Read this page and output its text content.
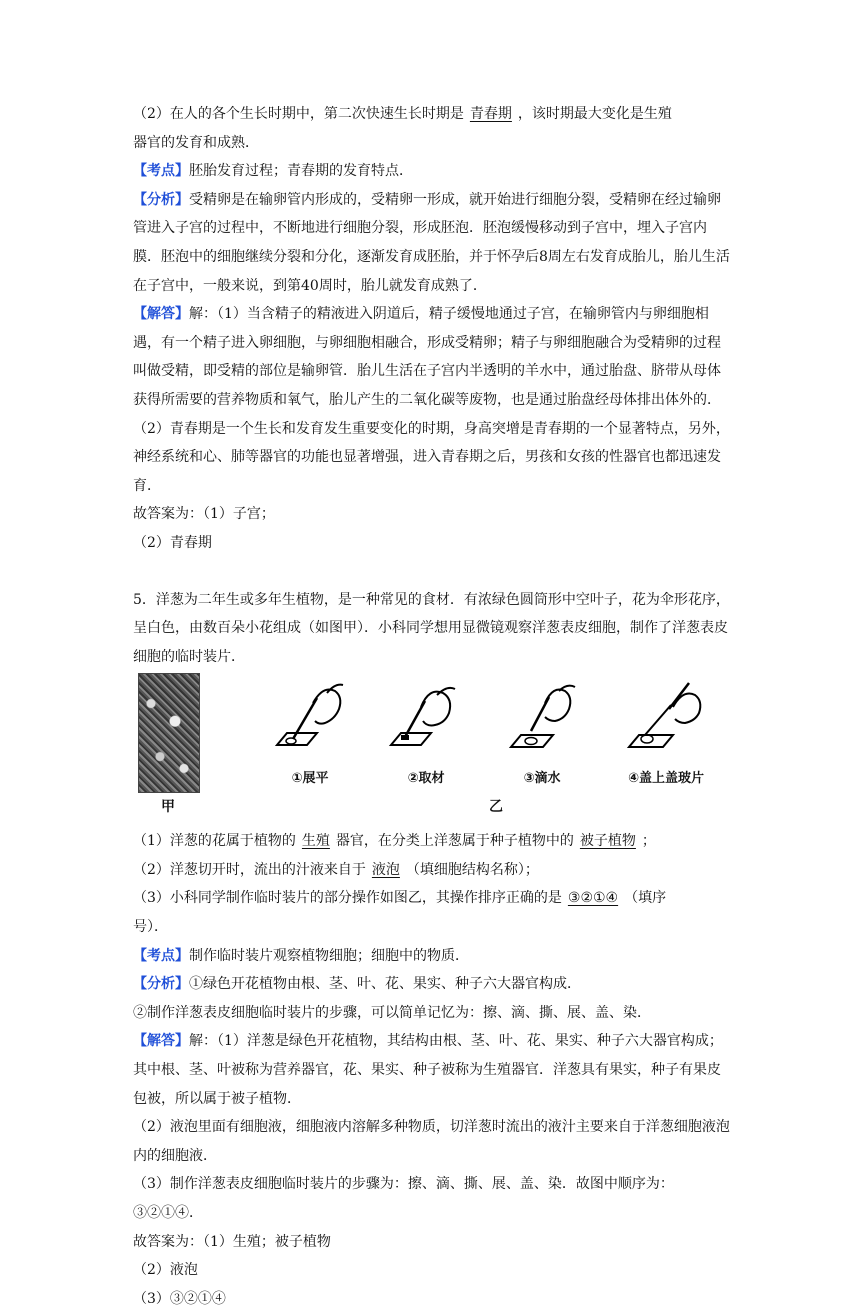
（2）在人的各个生长时期中，第二次快速生长时期是 青春期 ，该时期最大变化是生殖
器官的发育和成熟．
【考点】胚胎发育过程；青春期的发育特点．
【分析】受精卵是在输卵管内形成的，受精卵一形成，就开始进行细胞分裂，受精卵在经过输卵管进入子宫的过程中，不断地进行细胞分裂，形成胚泡．胚泡缓慢移动到子宫中，埋入子宫内膜．胚泡中的细胞继续分裂和分化，逐渐发育成胚胎，并于怀孕后8周左右发育成胎儿，胎儿生活在子宫中，一般来说，到第40周时，胎儿就发育成熟了．
【解答】解：（1）当含精子的精液进入阴道后，精子缓慢地通过子宫，在输卵管内与卵细胞相遇，有一个精子进入卵细胞，与卵细胞相融合，形成受精卵；精子与卵细胞融合为受精卵的过程叫做受精，即受精的部位是输卵管．胎儿生活在子宫内半透明的羊水中，通过胎盘、脐带从母体获得所需要的营养物质和氧气，胎儿产生的二氧化碳等废物，也是通过胎盘经母体排出体外的．
（2）青春期是一个生长和发育发生重要变化的时期，身高突增是青春期的一个显著特点，另外，神经系统和心、肺等器官的功能也显著增强，进入青春期之后，男孩和女孩的性器官也都迅速发育．
故答案为：（1）子宫；
（2）青春期
5．洋葱为二年生或多年生植物，是一种常见的食材．有浓绿色圆筒形中空叶子，花为伞形花序，呈白色，由数百朵小花组成（如图甲）．小科同学想用显微镜观察洋葱表皮细胞，制作了洋葱表皮细胞的临时装片．
甲
①展平	②取材	③滴水	④盖上盖玻片
乙
（1）洋葱的花属于植物的 生殖 器官，在分类上洋葱属于种子植物中的 被子植物 ；
（2）洋葱切开时，流出的汁液来自于 液泡 （填细胞结构名称）；
（3）小科同学制作临时装片的部分操作如图乙，其操作排序正确的是 ③②①④ （填序
号）．
【考点】制作临时装片观察植物细胞；细胞中的物质．
【分析】①绿色开花植物由根、茎、叶、花、果实、种子六大器官构成．
②制作洋葱表皮细胞临时装片的步骤，可以简单记忆为：擦、滴、撕、展、盖、染．
【解答】解：（1）洋葱是绿色开花植物，其结构由根、茎、叶、花、果实、种子六大器官构成；其中根、茎、叶被称为营养器官，花、果实、种子被称为生殖器官．洋葱具有果实，种子有果皮包被，所以属于被子植物．
（2）液泡里面有细胞液，细胞液内溶解多种物质，切洋葱时流出的液汁主要来自于洋葱细胞液泡内的细胞液．
（3）制作洋葱表皮细胞临时装片的步骤为：擦、滴、撕、展、盖、染．故图中顺序为：③②①④．
故答案为：（1）生殖；被子植物
（2）液泡
（3）③②①④
